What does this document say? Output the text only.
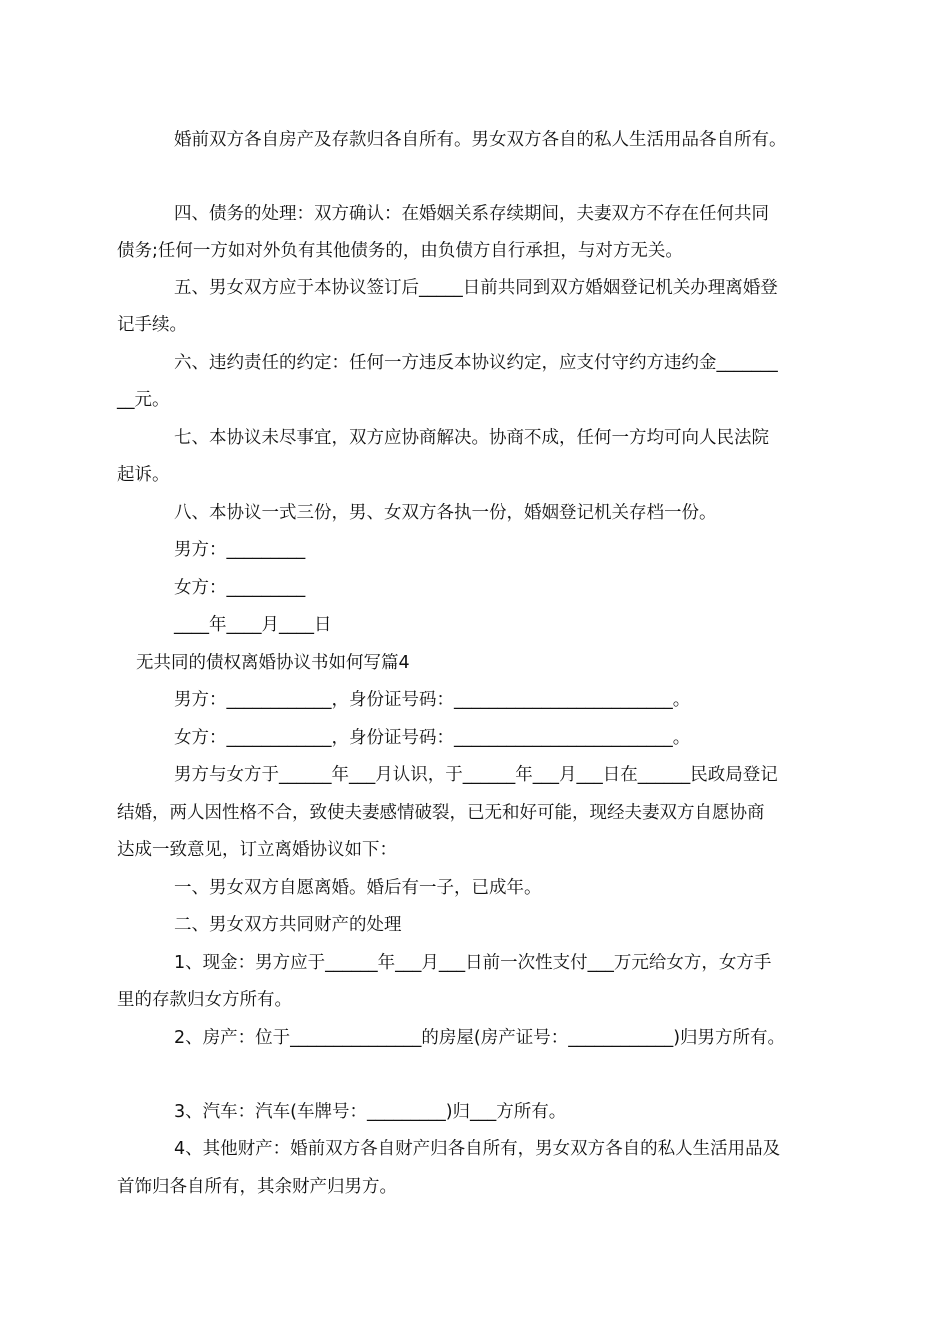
婚前双方各自房产及存款归各自所有。男女双方各自的私人生活用品各自所有。
四、债务的处理：双方确认：在婚姻关系存续期间，夫妻双方不存在任何共同
债务;任何一方如对外负有其他债务的，由负债方自行承担，与对方无关。
五、男女双方应于本协议签订后_____日前共同到双方婚姻登记机关办理离婚登
记手续。
六、违约责任的约定：任何一方违反本协议约定，应支付守约方违约金_______
__元。
七、本协议未尽事宜，双方应协商解决。协商不成，任何一方均可向人民法院
起诉。
八、本协议一式三份，男、女双方各执一份，婚姻登记机关存档一份。
男方：_________
女方：_________
____年____月____日
无共同的债权离婚协议书如何写篇4
男方：____________，身份证号码：_________________________。
女方：____________，身份证号码：_________________________。
男方与女方于______年___月认识，于______年___月___日在______民政局登记
结婚，两人因性格不合，致使夫妻感情破裂，已无和好可能，现经夫妻双方自愿协商
达成一致意见，订立离婚协议如下：
一、男女双方自愿离婚。婚后有一子，已成年。
二、男女双方共同财产的处理
1、现金：男方应于______年___月___日前一次性支付___万元给女方，女方手
里的存款归女方所有。
2、房产：位于_______________的房屋(房产证号：____________)归男方所有。
3、汽车：汽车(车牌号：_________)归___方所有。
4、其他财产：婚前双方各自财产归各自所有，男女双方各自的私人生活用品及
首饰归各自所有，其余财产归男方。
